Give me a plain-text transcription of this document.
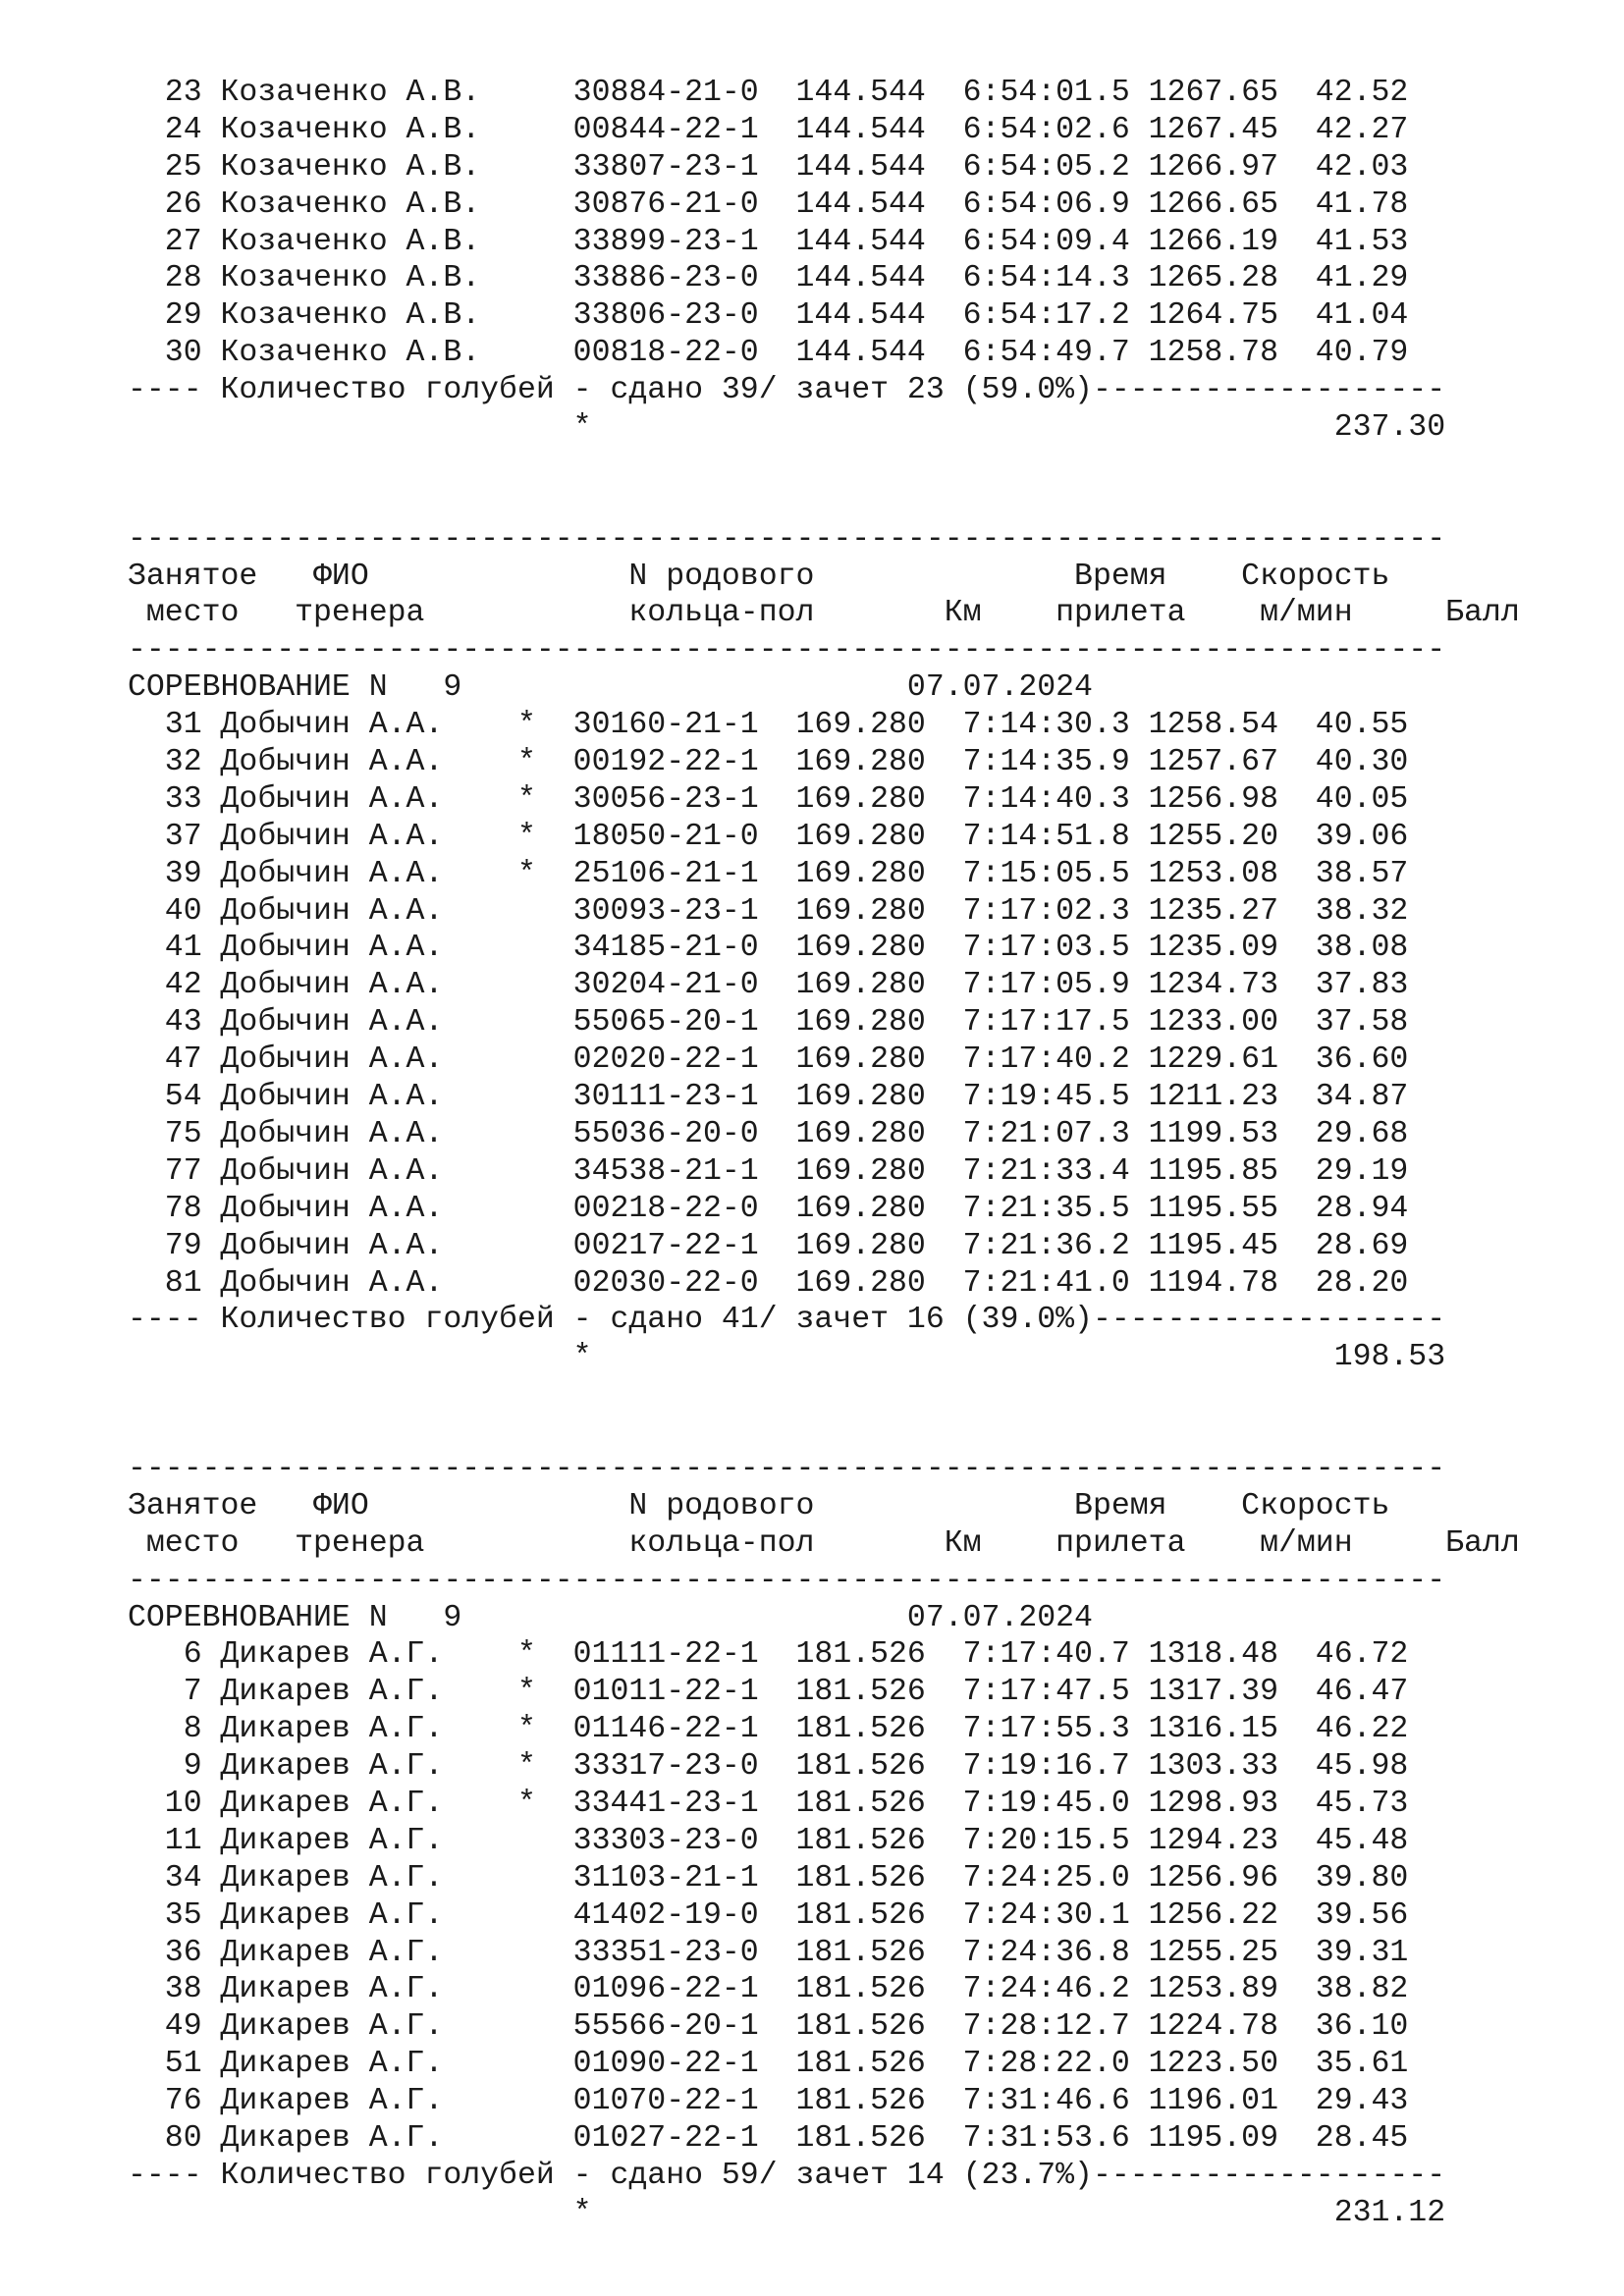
23 Козаченко А.В.     30884-21-0  144.544  6:54:01.5 1267.65  42.52
24 Козаченко А.В.     00844-22-1  144.544  6:54:02.6 1267.45  42.27
25 Козаченко А.В.     33807-23-1  144.544  6:54:05.2 1266.97  42.03
26 Козаченко А.В.     30876-21-0  144.544  6:54:06.9 1266.65  41.78
27 Козаченко А.В.     33899-23-1  144.544  6:54:09.4 1266.19  41.53
28 Козаченко А.В.     33886-23-0  144.544  6:54:14.3 1265.28  41.29
29 Козаченко А.В.     33806-23-0  144.544  6:54:17.2 1264.75  41.04
30 Козаченко А.В.     00818-22-0  144.544  6:54:49.7 1258.78  40.79
---- Количество голубей - сдано 39/ зачет 23 (59.0%)-------------------
*                                        237.30

-----------------------------------------------------------------------
Занятое   ФИО              N родового              Время    Скорость
место   тренера           кольца-пол       Км    прилета    м/мин     Балл
-----------------------------------------------------------------------
СОРЕВНОВАНИЕ N   9                        07.07.2024
31 Добычин А.А.    *  30160-21-1  169.280  7:14:30.3 1258.54  40.55
32 Добычин А.А.    *  00192-22-1  169.280  7:14:35.9 1257.67  40.30
33 Добычин А.А.    *  30056-23-1  169.280  7:14:40.3 1256.98  40.05
37 Добычин А.А.    *  18050-21-0  169.280  7:14:51.8 1255.20  39.06
39 Добычин А.А.    *  25106-21-1  169.280  7:15:05.5 1253.08  38.57
40 Добычин А.А.       30093-23-1  169.280  7:17:02.3 1235.27  38.32
41 Добычин А.А.       34185-21-0  169.280  7:17:03.5 1235.09  38.08
42 Добычин А.А.       30204-21-0  169.280  7:17:05.9 1234.73  37.83
43 Добычин А.А.       55065-20-1  169.280  7:17:17.5 1233.00  37.58
47 Добычин А.А.       02020-22-1  169.280  7:17:40.2 1229.61  36.60
54 Добычин А.А.       30111-23-1  169.280  7:19:45.5 1211.23  34.87
75 Добычин А.А.       55036-20-0  169.280  7:21:07.3 1199.53  29.68
77 Добычин А.А.       34538-21-1  169.280  7:21:33.4 1195.85  29.19
78 Добычин А.А.       00218-22-0  169.280  7:21:35.5 1195.55  28.94
79 Добычин А.А.       00217-22-1  169.280  7:21:36.2 1195.45  28.69
81 Добычин А.А.       02030-22-0  169.280  7:21:41.0 1194.78  28.20
---- Количество голубей - сдано 41/ зачет 16 (39.0%)-------------------
*                                        198.53

-----------------------------------------------------------------------
Занятое   ФИО              N родового              Время    Скорость
место   тренера           кольца-пол       Км    прилета    м/мин     Балл
-----------------------------------------------------------------------
СОРЕВНОВАНИЕ N   9                        07.07.2024
6 Дикарев А.Г.    *  01111-22-1  181.526  7:17:40.7 1318.48  46.72
7 Дикарев А.Г.    *  01011-22-1  181.526  7:17:47.5 1317.39  46.47
8 Дикарев А.Г.    *  01146-22-1  181.526  7:17:55.3 1316.15  46.22
9 Дикарев А.Г.    *  33317-23-0  181.526  7:19:16.7 1303.33  45.98
10 Дикарев А.Г.    *  33441-23-1  181.526  7:19:45.0 1298.93  45.73
11 Дикарев А.Г.       33303-23-0  181.526  7:20:15.5 1294.23  45.48
34 Дикарев А.Г.       31103-21-1  181.526  7:24:25.0 1256.96  39.80
35 Дикарев А.Г.       41402-19-0  181.526  7:24:30.1 1256.22  39.56
36 Дикарев А.Г.       33351-23-0  181.526  7:24:36.8 1255.25  39.31
38 Дикарев А.Г.       01096-22-1  181.526  7:24:46.2 1253.89  38.82
49 Дикарев А.Г.       55566-20-1  181.526  7:28:12.7 1224.78  36.10
51 Дикарев А.Г.       01090-22-1  181.526  7:28:22.0 1223.50  35.61
76 Дикарев А.Г.       01070-22-1  181.526  7:31:46.6 1196.01  29.43
80 Дикарев А.Г.       01027-22-1  181.526  7:31:53.6 1195.09  28.45
---- Количество голубей - сдано 59/ зачет 14 (23.7%)-------------------
*                                        231.12
